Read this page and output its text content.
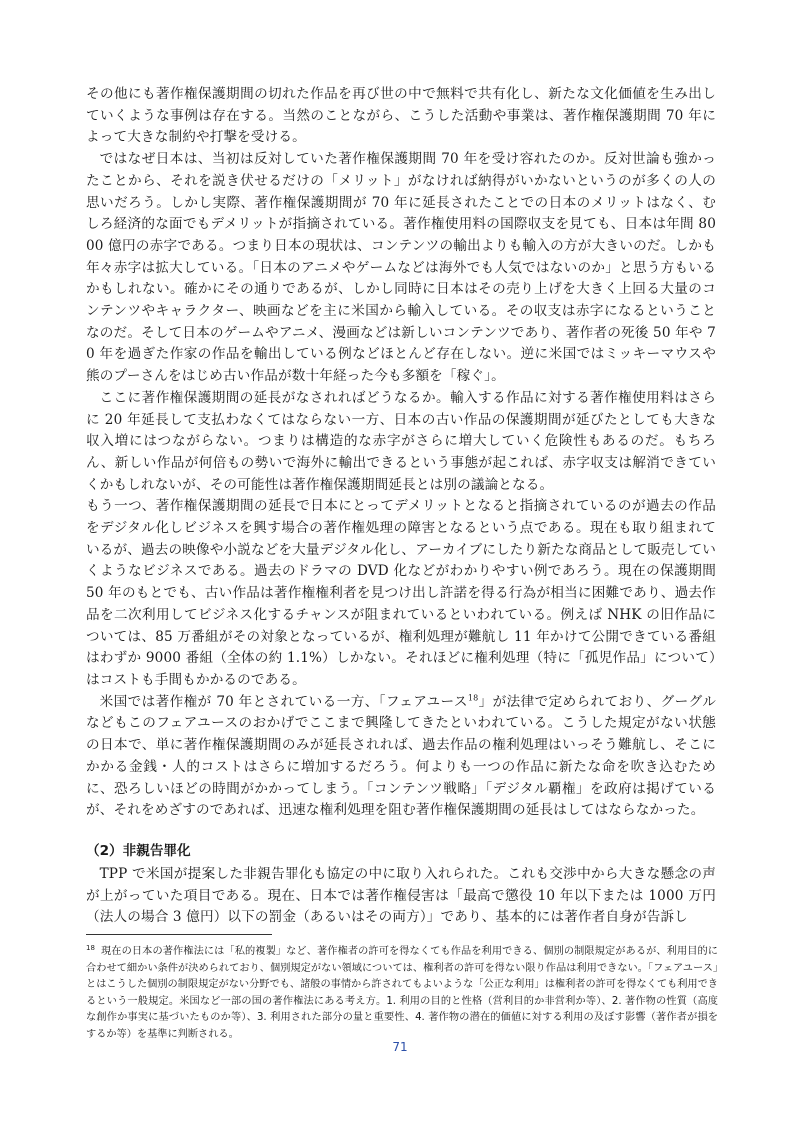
その他にも著作権保護期間の切れた作品を再び世の中で無料で共有化し、新たな文化価値を生み出していくような事例は存在する。当然のことながら、こうした活動や事業は、著作権保護期間 70 年によって大きな制約や打撃を受ける。

ではなぜ日本は、当初は反対していた著作権保護期間 70 年を受け容れたのか。反対世論も強かったことから、それを説き伏せるだけの「メリット」がなければ納得がいかないというのが多くの人の思いだろう。しかし実際、著作権保護期間が 70 年に延長されたことでの日本のメリットはなく、むしろ経済的な面でもデメリットが指摘されている。著作権使用料の国際収支を見ても、日本は年間 8000 億円の赤字である。つまり日本の現状は、コンテンツの輸出よりも輸入の方が大きいのだ。しかも年々赤字は拡大している。「日本のアニメやゲームなどは海外でも人気ではないのか」と思う方もいるかもしれない。確かにその通りであるが、しかし同時に日本はその売り上げを大きく上回る大量のコンテンツやキャラクター、映画などを主に米国から輸入している。その収支は赤字になるということなのだ。そして日本のゲームやアニメ、漫画などは新しいコンテンツであり、著作者の死後 50 年や 70 年を過ぎた作家の作品を輸出している例などほとんど存在しない。逆に米国ではミッキーマウスや熊のプーさんをはじめ古い作品が数十年経った今も多額を「稼ぐ」。

ここに著作権保護期間の延長がなされればどうなるか。輸入する作品に対する著作権使用料はさらに 20 年延長して支払わなくてはならない一方、日本の古い作品の保護期間が延びたとしても大きな収入増にはつながらない。つまりは構造的な赤字がさらに増大していく危険性もあるのだ。もちろん、新しい作品が何倍もの勢いで海外に輸出できるという事態が起これば、赤字収支は解消できていくかもしれないが、その可能性は著作権保護期間延長とは別の議論となる。

もう一つ、著作権保護期間の延長で日本にとってデメリットとなると指摘されているのが過去の作品をデジタル化しビジネスを興す場合の著作権処理の障害となるという点である。現在も取り組まれているが、過去の映像や小説などを大量デジタル化し、アーカイブにしたり新たな商品として販売していくようなビジネスである。過去のドラマの DVD 化などがわかりやすい例であろう。現在の保護期間 50 年のもとでも、古い作品は著作権権利者を見つけ出し許諾を得る行為が相当に困難であり、過去作品を二次利用してビジネス化するチャンスが阻まれているといわれている。例えば NHK の旧作品については、85 万番組がその対象となっているが、権利処理が難航し 11 年かけて公開できている番組はわずか 9000 番組（全体の約 1.1%）しかない。それほどに権利処理（特に「孤児作品」について）はコストも手間もかかるのである。

米国では著作権が 70 年とされている一方、「フェアユース$^{18}$」が法律で定められており、グーグルなどもこのフェアユースのおかげでここまで興隆してきたといわれている。こうした規定がない状態の日本で、単に著作権保護期間のみが延長されれば、過去作品の権利処理はいっそう難航し、そこにかかる金銭・人的コストはさらに増加するだろう。何よりも一つの作品に新たな命を吹き込むために、恐ろしいほどの時間がかかってしまう。「コンテンツ戦略」「デジタル覇権」を政府は掲げているが、それをめざすのであれば、迅速な権利処理を阻む著作権保護期間の延長はしてはならなかった。

（2）非親告罪化

TPP で米国が提案した非親告罪化も協定の中に取り入れられた。これも交渉中から大きな懸念の声が上がっていた項目である。現在、日本では著作権侵害は「最高で懲役 10 年以下または 1000 万円（法人の場合 3 億円）以下の罰金（あるいはその両方）」であり、基本的には著作者自身が告訴し

$^{18}$ 現在の日本の著作権法には「私的複製」など、著作権者の許可を得なくても作品を利用できる、個別の制限規定があるが、利用目的に合わせて細かい条件が決められており、個別規定がない領域については、権利者の許可を得ない限り作品は利用できない。「フェアユース」とはこうした個別の制限規定がない分野でも、諸般の事情から許されてもよいような「公正な利用」は権利者の許可を得なくても利用できるという一般規定。米国など一部の国の著作権法にある考え方。1. 利用の目的と性格（営利目的か非営利か等）、2. 著作物の性質（高度な創作か事実に基づいたものか等）、3. 利用された部分の量と重要性、4. 著作物の潜在的価値に対する利用の及ぼす影響（著作者が損をするか等）を基準に判断される。

71
